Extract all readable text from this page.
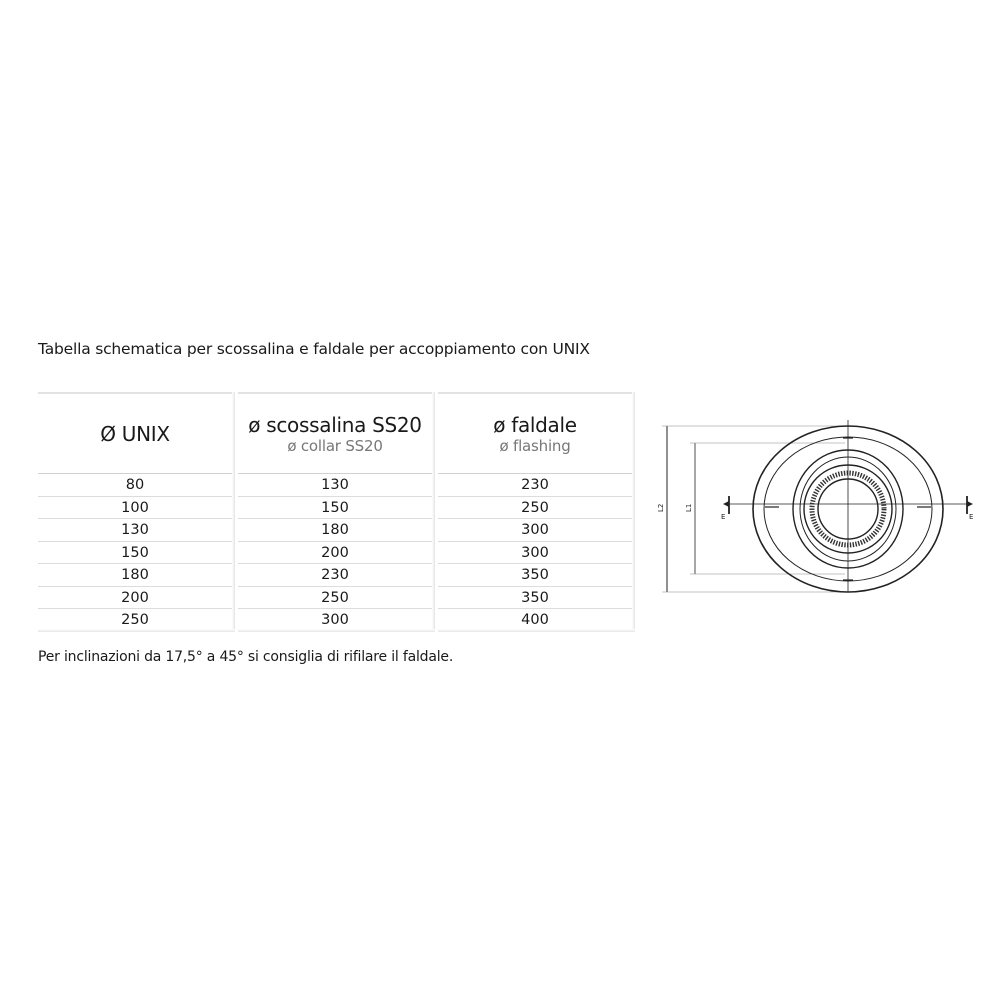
Tabella schematica per scossalina e faldale per accoppiamento con UNIX
Ø UNIX
80
100
130
150
180
200
250
ø scossalina SS20
ø collar SS20
130
150
180
200
230
250
300
ø faldale
ø flashing
230
250
300
300
350
350
400
Per inclinazioni da 17,5° a 45° si consiglia di rifilare il faldale.
L2	L1
E	E
